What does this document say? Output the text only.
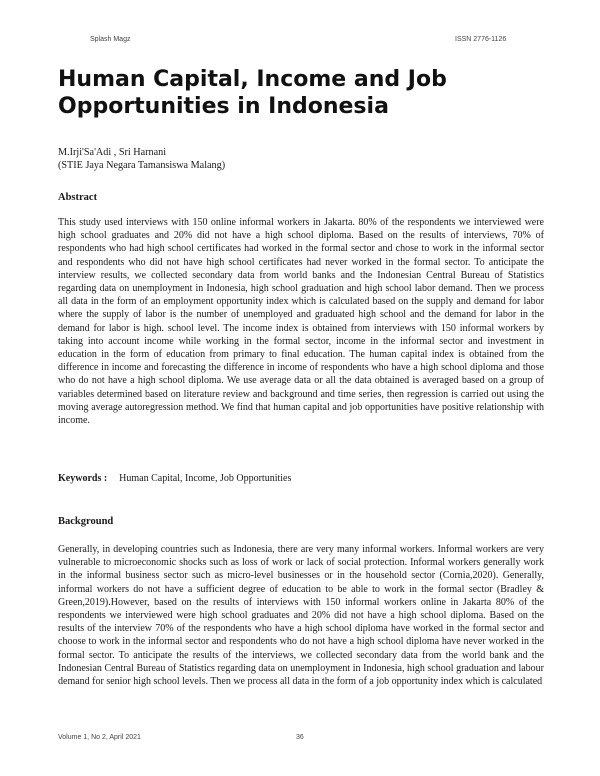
Splash Magz	ISSN 2776-1126
Human Capital, Income and Job Opportunities in Indonesia
M.Irji'Sa'Adi , Sri Harnani
(STIE Jaya Negara Tamansiswa Malang)
Abstract

This study used interviews with 150 online informal workers in Jakarta. 80% of the respondents we interviewed were high school graduates and 20% did not have a high school diploma. Based on the results of interviews, 70% of respondents who had high school certificates had worked in the formal sector and chose to work in the informal sector and respondents who did not have high school certificates had never worked in the formal sector. To anticipate the interview results, we collected secondary data from world banks and the Indonesian Central Bureau of Statistics regarding data on unemployment in Indonesia, high school graduation and high school labor demand. Then we process all data in the form of an employment opportunity index which is calculated based on the supply and demand for labor where the supply of labor is the number of unemployed and graduated high school and the demand for labor in the demand for labor is high. school level. The income index is obtained from interviews with 150 informal workers by taking into account income while working in the formal sector, income in the informal sector and investment in education in the form of education from primary to final education. The human capital index is obtained from the difference in income and forecasting the difference in income of respondents who have a high school diploma and those who do not have a high school diploma. We use average data or all the data obtained is averaged based on a group of variables determined based on literature review and background and time series, then regression is carried out using the moving average autoregression method. We find that human capital and job opportunities have positive relationship with income.

Keywords : Human Capital, Income, Job Opportunities
Background

Generally, in developing countries such as Indonesia, there are very many informal workers. Informal workers are very vulnerable to microeconomic shocks such as loss of work or lack of social protection. Informal workers generally work in the informal business sector such as micro-level businesses or in the household sector (Cornia,2020). Generally, informal workers do not have a sufficient degree of education to be able to work in the formal sector (Bradley & Green,2019).However, based on the results of interviews with 150 informal workers online in Jakarta 80% of the respondents we interviewed were high school graduates and 20% did not have a high school diploma. Based on the results of the interview 70% of the respondents who have a high school diploma have worked in the formal sector and choose to work in the informal sector and respondents who do not have a high school diploma have never worked in the formal sector. To anticipate the results of the interviews, we collected secondary data from the world bank and the Indonesian Central Bureau of Statistics regarding data on unemployment in Indonesia, high school graduation and labour demand for senior high school levels. Then we process all data in the form of a job opportunity index which is calculated

Volume 1, No 2, April 2021	36
